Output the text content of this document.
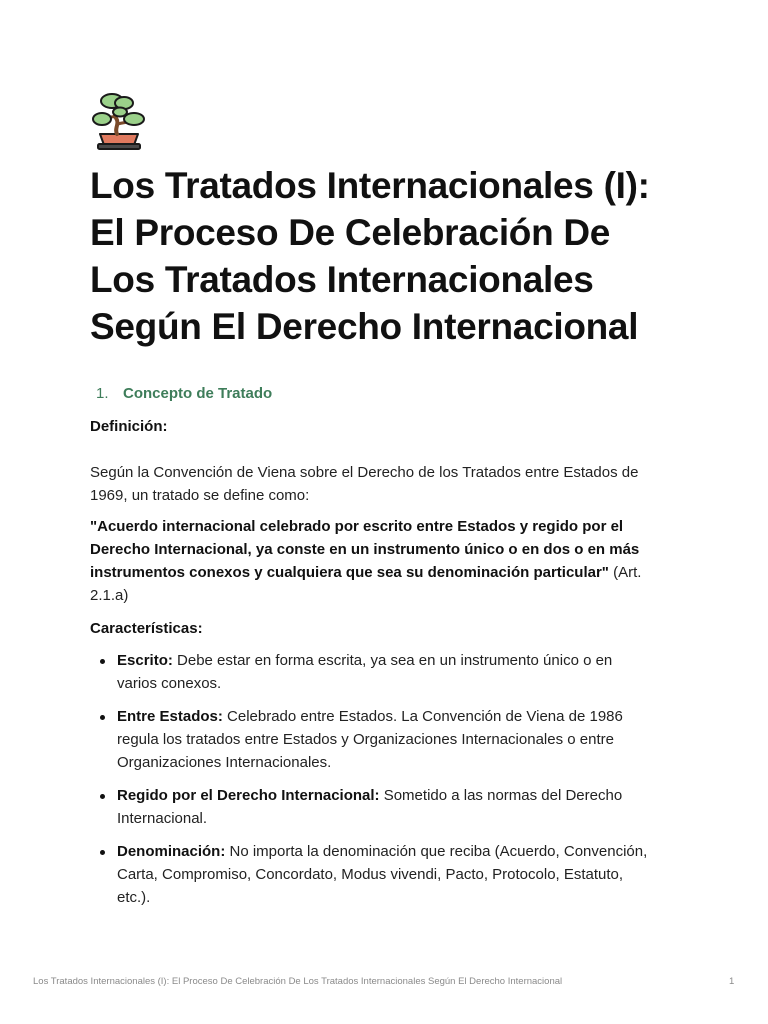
Los Tratados Internacionales (I):
El Proceso De Celebración De
Los Tratados Internacionales
Según El Derecho Internacional
1. Concepto de Tratado
Definición:

Según la Convención de Viena sobre el Derecho de los Tratados entre Estados de 1969, un tratado se define como:

"Acuerdo internacional celebrado por escrito entre Estados y regido por el Derecho Internacional, ya conste en un instrumento único o en dos o en más instrumentos conexos y cualquiera que sea su denominación particular" (Art. 2.1.a)

Características:
Escrito: Debe estar en forma escrita, ya sea en un instrumento único o en varios conexos.
Entre Estados: Celebrado entre Estados. La Convención de Viena de 1986 regula los tratados entre Estados y Organizaciones Internacionales o entre Organizaciones Internacionales.
Regido por el Derecho Internacional: Sometido a las normas del Derecho Internacional.
Denominación: No importa la denominación que reciba (Acuerdo, Convención, Carta, Compromiso, Concordato, Modus vivendi, Pacto, Protocolo, Estatuto, etc.).
Los Tratados Internacionales (I): El Proceso De Celebración De Los Tratados Internacionales Según El Derecho Internacional	1
